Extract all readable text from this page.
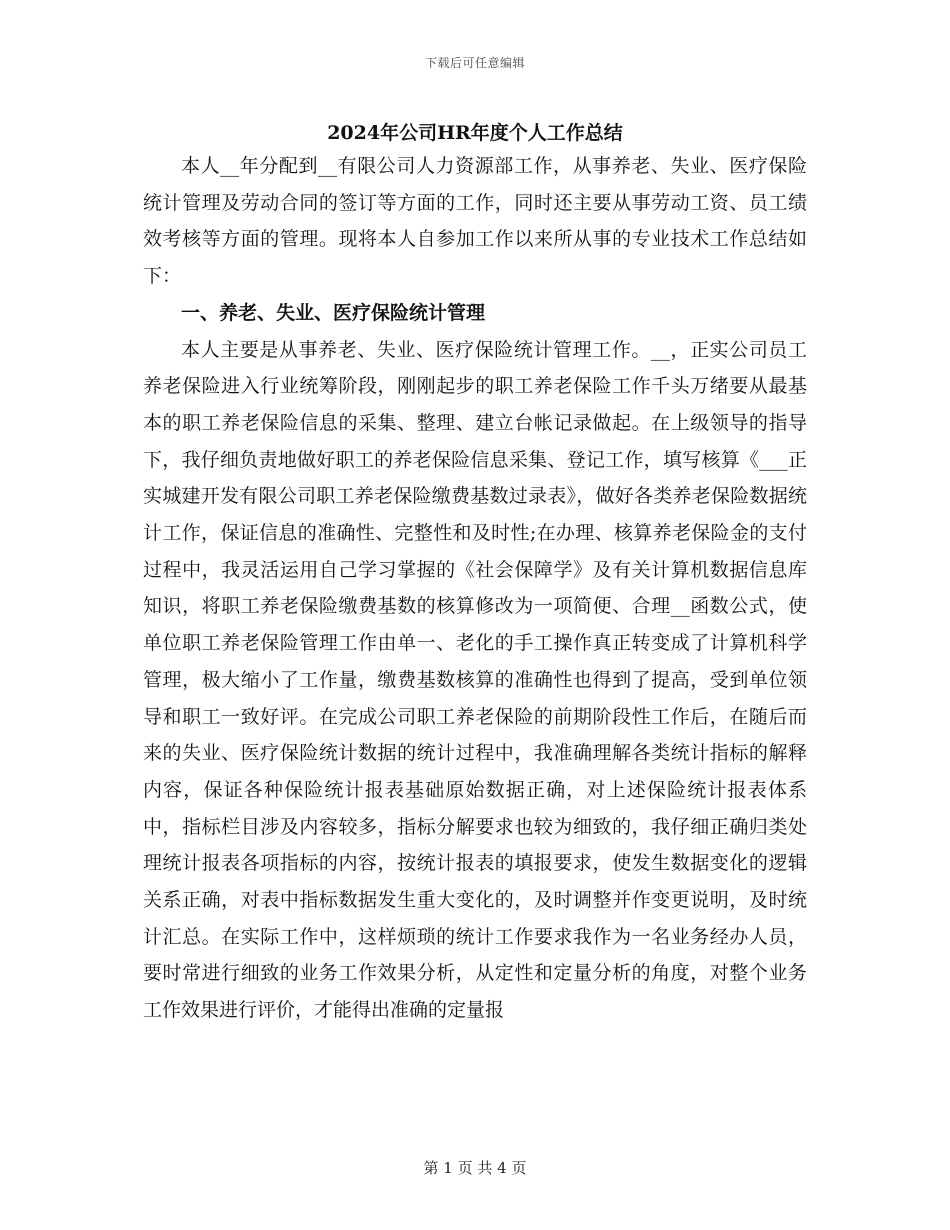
下载后可任意编辑
2024年公司HR年度个人工作总结

本人__年分配到__有限公司人力资源部工作，从事养老、失业、医疗保险统计管理及劳动合同的签订等方面的工作，同时还主要从事劳动工资、员工绩效考核等方面的管理。现将本人自参加工作以来所从事的专业技术工作总结如下：

一、养老、失业、医疗保险统计管理

本人主要是从事养老、失业、医疗保险统计管理工作。__，正实公司员工养老保险进入行业统筹阶段，刚刚起步的职工养老保险工作千头万绪要从最基本的职工养老保险信息的采集、整理、建立台帐记录做起。在上级领导的指导下，我仔细负责地做好职工的养老保险信息采集、登记工作，填写核算《___正实城建开发有限公司职工养老保险缴费基数过录表》，做好各类养老保险数据统计工作，保证信息的准确性、完整性和及时性;在办理、核算养老保险金的支付过程中，我灵活运用自己学习掌握的《社会保障学》及有关计算机数据信息库知识，将职工养老保险缴费基数的核算修改为一项简便、合理__函数公式，使单位职工养老保险管理工作由单一、老化的手工操作真正转变成了计算机科学管理，极大缩小了工作量，缴费基数核算的准确性也得到了提高，受到单位领导和职工一致好评。在完成公司职工养老保险的前期阶段性工作后，在随后而来的失业、医疗保险统计数据的统计过程中，我准确理解各类统计指标的解释内容，保证各种保险统计报表基础原始数据正确，对上述保险统计报表体系中，指标栏目涉及内容较多，指标分解要求也较为细致的，我仔细正确归类处理统计报表各项指标的内容，按统计报表的填报要求，使发生数据变化的逻辑关系正确，对表中指标数据发生重大变化的，及时调整并作变更说明，及时统计汇总。在实际工作中，这样烦琐的统计工作要求我作为一名业务经办人员，要时常进行细致的业务工作效果分析，从定性和定量分析的角度，对整个业务工作效果进行评价，才能得出准确的定量报

第 1 页 共 4 页
